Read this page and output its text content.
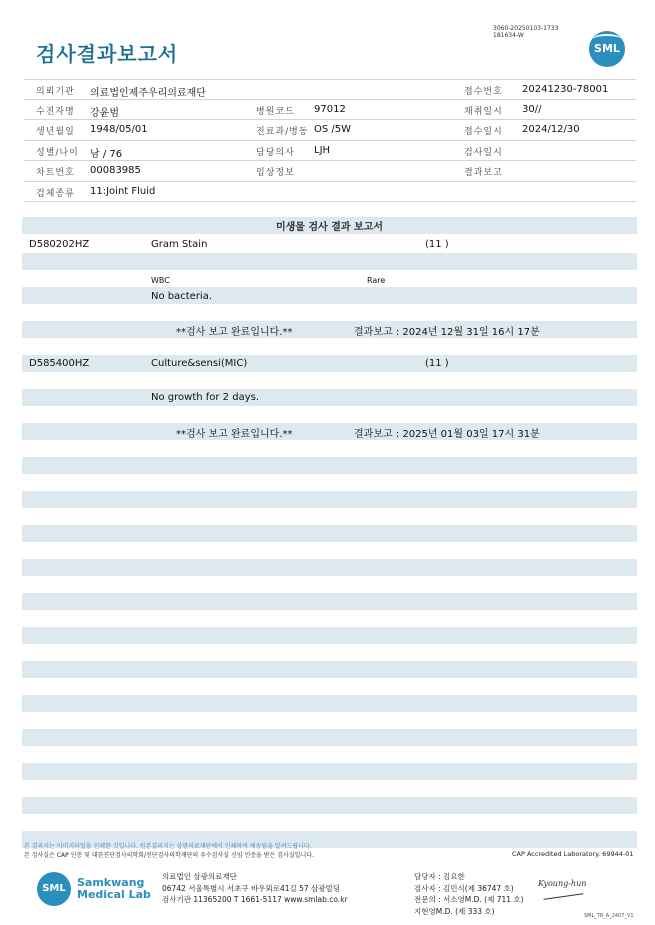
3060-20250103-1733
181634-W
검사결과보고서	SML
의뢰기관 의료법인제주우리의료재단	접수번호 20241230-78001
수진자명 강윤범	병원코드 97012	채취일시 30//
생년월일 1948/05/01	진료과/병동 OS /5W	접수일시 2024/12/30
성별/나이 남 / 76	담당의사 LJH	검사일시
차트번호 00083985	임상정보	결과보고
검체종류 11:Joint Fluid
미생물 검사 결과 보고서
D580202HZ	Gram Stain	(11 )
WBC	Rare
No bacteria.
**검사 보고 완료입니다.**	결과보고 : 2024년 12월 31일 16시 17분
D585400HZ	Culture&sensi(MIC)	(11 )
No growth for 2 days.
**검사 보고 완료입니다.**	결과보고 : 2025년 01월 03일 17시 31분
본 결과지는 이미지파일을 인쇄한 것입니다. 원본결과지는 삼광의료재단에서 인쇄하여 배송됨을 알려드립니다.
본 검사실은 CAP 인증 및 대한진단검사의학회/진단검사의학재단의 우수검사실 신임 인증을 받은 검사실입니다.	CAP Accredited Laboratory. 69944-01
SML	Samkwang
Medical Lab
의료법인 삼광의료재단
06742 서울특별시 서초구 바우뫼로41길 57 삼광빌딩
검사기관 11365200 T 1661-5117 www.smlab.co.kr
담당자 : 김요한
검사자 : 김민식(제 36747 호)
전문의 : 서소영M.D. (제 711 호)
지현영M.D. (제 333 호)
Kyoung-hun
SML_TR_A_2407_V1
